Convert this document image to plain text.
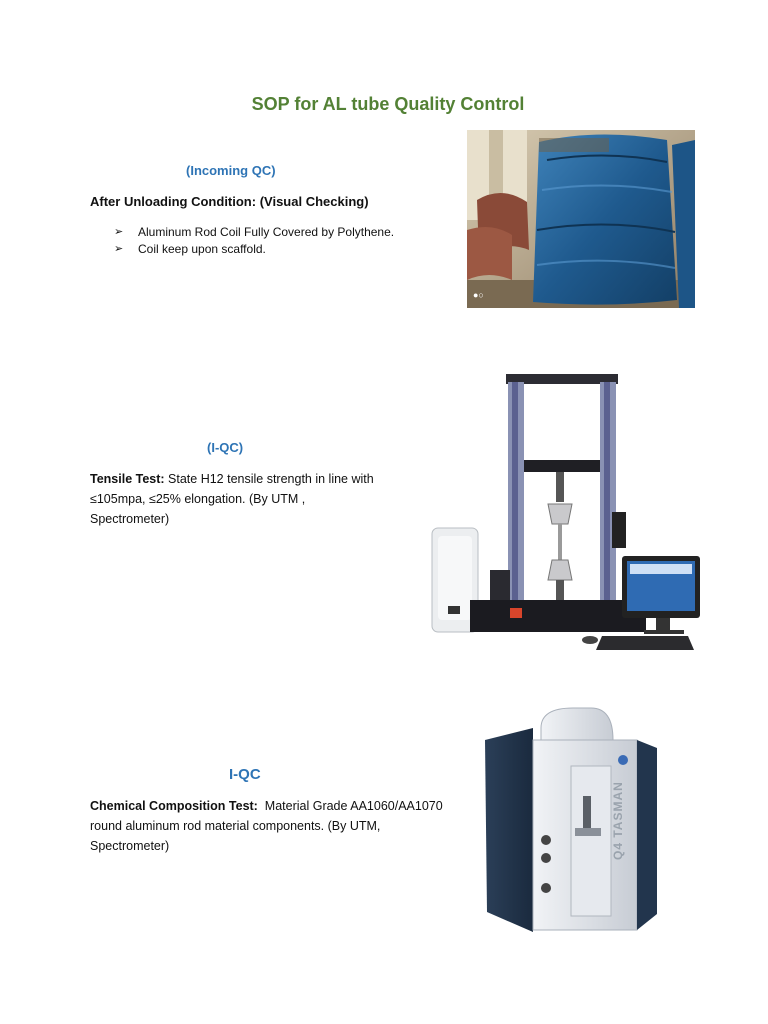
SOP for AL tube Quality Control
(Incoming QC)
After Unloading Condition: (Visual Checking)
➢ Aluminum Rod Coil Fully Covered by Polythene.
➢ Coil keep upon scaffold.
●○
(I-QC)
Tensile Test: State H12 tensile strength in line with
≤105mpa, ≤25% elongation. (By UTM ,
Spectrometer)
I-QC
Chemical Composition Test:  Material Grade AA1060/AA1070
round aluminum rod material components. (By UTM,
Spectrometer)	Q4 TASMAN
